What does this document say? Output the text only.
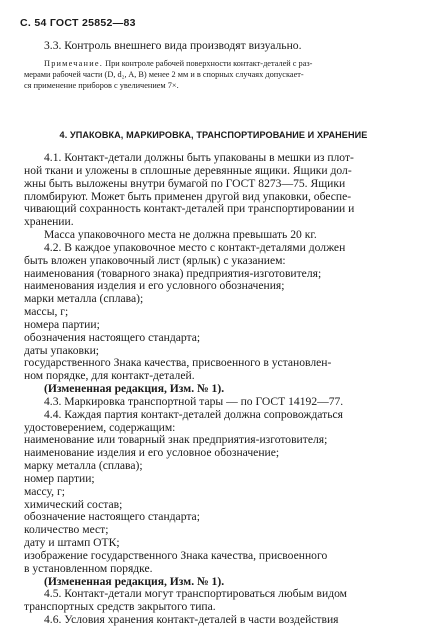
С. 54 ГОСТ 25852—83
3.3. Контроль внешнего вида производят визуально.
Примечание. При контроле рабочей поверхности контакт-деталей с раз-
мерами рабочей части (D, d₂, A, B) менее 2 мм и в спорных случаях допускает-
ся применение приборов с увеличением 7×.
4. УПАКОВКА, МАРКИРОВКА, ТРАНСПОРТИРОВАНИЕ И ХРАНЕНИЕ
4.1. Контакт-детали должны быть упакованы в мешки из плот-
ной ткани и уложены в сплошные деревянные ящики. Ящики дол-
жны быть выложены внутри бумагой по ГОСТ 8273—75. Ящики
пломбируют. Может быть применен другой вид упаковки, обеспе-
чивающий сохранность контакт-деталей при транспортировании и
хранении.
Масса упаковочного места не должна превышать 20 кг.
4.2. В каждое упаковочное место с контакт-деталями должен
быть вложен упаковочный лист (ярлык) с указанием:
наименования (товарного знака) предприятия-изготовителя;
наименования изделия и его условного обозначения;
марки металла (сплава);
массы, г;
номера партии;
обозначения настоящего стандарта;
даты упаковки;
государственного Знака качества, присвоенного в установлен-
ном порядке, для контакт-деталей.
(Измененная редакция, Изм. № 1).
4.3. Маркировка транспортной тары — по ГОСТ 14192—77.
4.4. Каждая партия контакт-деталей должна сопровождаться
удостоверением, содержащим:
наименование или товарный знак предприятия-изготовителя;
наименование изделия и его условное обозначение;
марку металла (сплава);
номер партии;
массу, г;
химический состав;
обозначение настоящего стандарта;
количество мест;
дату и штамп ОТК;
изображение государственного Знака качества, присвоенного
в установленном порядке.
(Измененная редакция, Изм. № 1).
4.5. Контакт-детали могут транспортироваться любым видом
транспортных средств закрытого типа.
4.6. Условия хранения контакт-деталей в части воздействия
